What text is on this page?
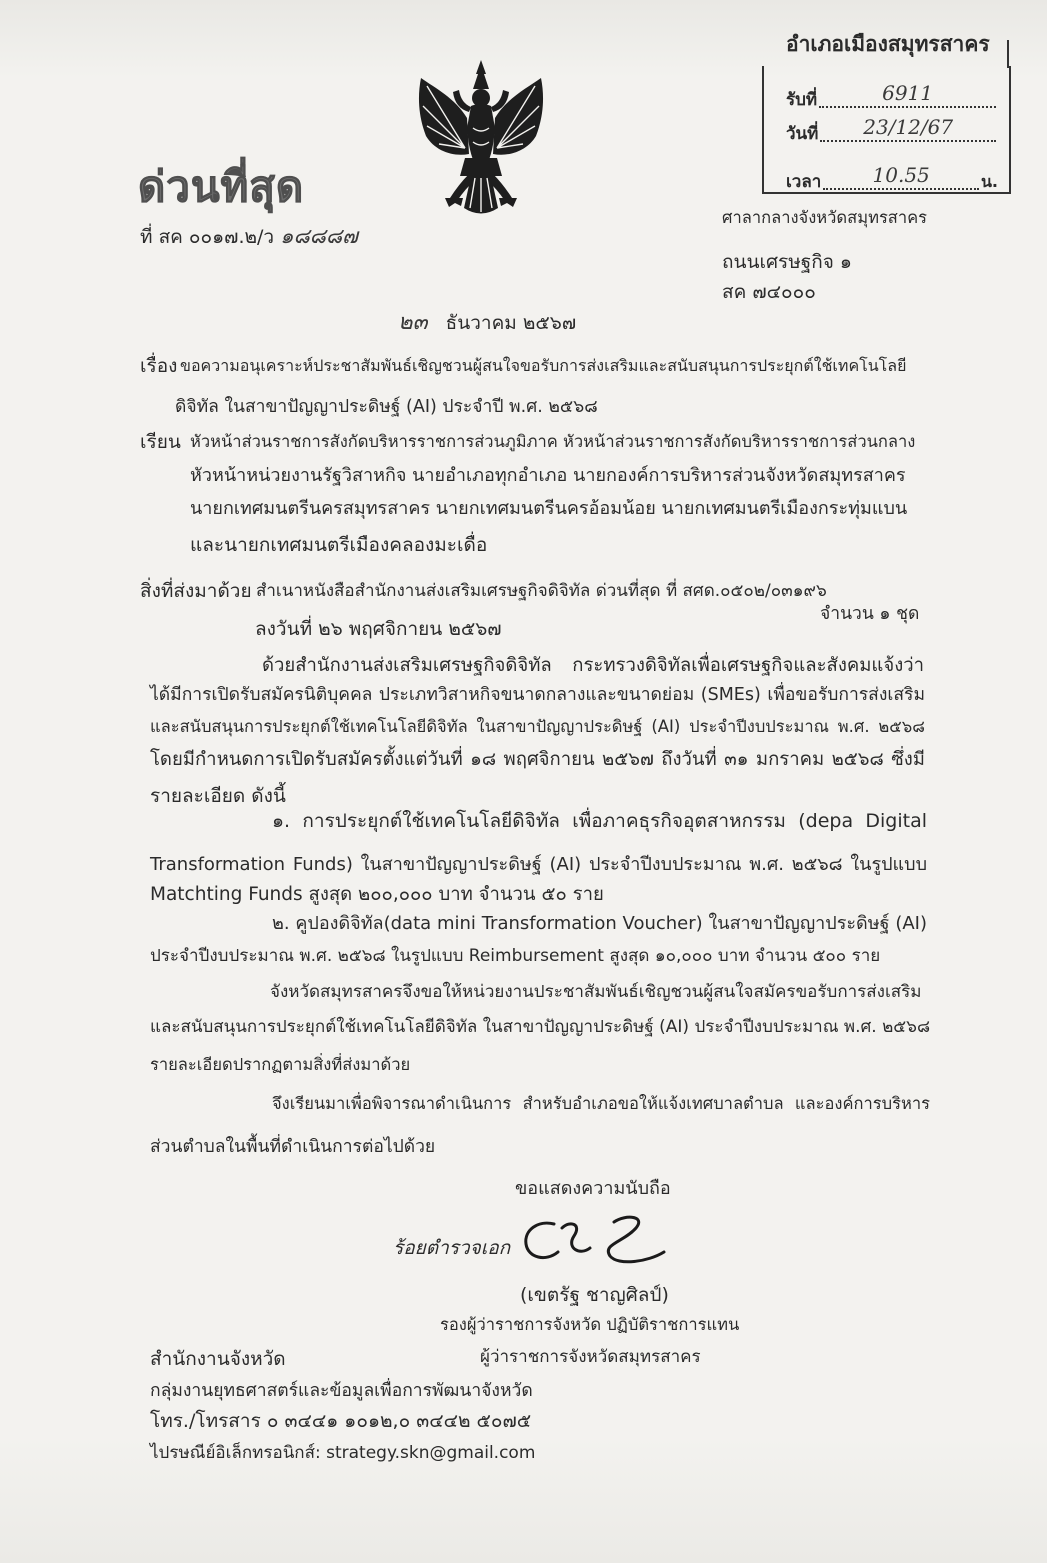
อำเภอเมืองสมุทรสาคร
รับที่	6911
วันที่	23/12/67
เวลา	10.55	น.
ด่วนที่สุด
ที่ สค ๐๐๑๗.๒/ว ๑๘๘๘๗
ศาลากลางจังหวัดสมุทรสาคร
ถนนเศรษฐกิจ ๑
สค ๗๔๐๐๐
๒๓ ธันวาคม ๒๕๖๗
เรื่อง ขอความอนุเคราะห์ประชาสัมพันธ์เชิญชวนผู้สนใจขอรับการส่งเสริมและสนับสนุนการประยุกต์ใช้เทคโนโลยี
ดิจิทัล ในสาขาปัญญาประดิษฐ์ (AI) ประจำปี พ.ศ. ๒๕๖๘
เรียน หัวหน้าส่วนราชการสังกัดบริหารราชการส่วนภูมิภาค หัวหน้าส่วนราชการสังกัดบริหารราชการส่วนกลาง
หัวหน้าหน่วยงานรัฐวิสาหกิจ นายอำเภอทุกอำเภอ นายกองค์การบริหารส่วนจังหวัดสมุทรสาคร
นายกเทศมนตรีนครสมุทรสาคร นายกเทศมนตรีนครอ้อมน้อย นายกเทศมนตรีเมืองกระทุ่มแบน
และนายกเทศมนตรีเมืองคลองมะเดื่อ
สิ่งที่ส่งมาด้วย สำเนาหนังสือสำนักงานส่งเสริมเศรษฐกิจดิจิทัล ด่วนที่สุด ที่ สศด.๐๕๐๒/๐๓๑๙๖
จำนวน ๑ ชุด
ลงวันที่ ๒๖ พฤศจิกายน ๒๕๖๗
ด้วยสำนักงานส่งเสริมเศรษฐกิจดิจิทัล กระทรวงดิจิทัลเพื่อเศรษฐกิจและสังคมแจ้งว่า
ได้มีการเปิดรับสมัครนิติบุคคล ประเภทวิสาหกิจขนาดกลางและขนาดย่อม (SMEs) เพื่อขอรับการส่งเสริม
และสนับสนุนการประยุกต์ใช้เทคโนโลยีดิจิทัล ในสาขาปัญญาประดิษฐ์ (AI) ประจำปีงบประมาณ พ.ศ. ๒๕๖๘
โดยมีกำหนดการเปิดรับสมัครตั้งแต่วันที่ ๑๘ พฤศจิกายน ๒๕๖๗ ถึงวันที่ ๓๑ มกราคม ๒๕๖๘ ซึ่งมี
รายละเอียด ดังนี้
๑. การประยุกต์ใช้เทคโนโลยีดิจิทัล เพื่อภาคธุรกิจอุตสาหกรรม (depa Digital
Transformation Funds) ในสาขาปัญญาประดิษฐ์ (AI) ประจำปีงบประมาณ พ.ศ. ๒๕๖๘ ในรูปแบบ
Matchting Funds สูงสุด ๒๐๐,๐๐๐ บาท จำนวน ๕๐ ราย
๒. คูปองดิจิทัล(data mini Transformation Voucher) ในสาขาปัญญาประดิษฐ์ (AI)
ประจำปีงบประมาณ พ.ศ. ๒๕๖๘ ในรูปแบบ Reimbursement สูงสุด ๑๐,๐๐๐ บาท จำนวน ๕๐๐ ราย
จังหวัดสมุทรสาครจึงขอให้หน่วยงานประชาสัมพันธ์เชิญชวนผู้สนใจสมัครขอรับการส่งเสริม
และสนับสนุนการประยุกต์ใช้เทคโนโลยีดิจิทัล ในสาขาปัญญาประดิษฐ์ (AI) ประจำปีงบประมาณ พ.ศ. ๒๕๖๘
รายละเอียดปรากฏตามสิ่งที่ส่งมาด้วย
จึงเรียนมาเพื่อพิจารณาดำเนินการ สำหรับอำเภอขอให้แจ้งเทศบาลตำบล และองค์การบริหาร
ส่วนตำบลในพื้นที่ดำเนินการต่อไปด้วย
ขอแสดงความนับถือ
ร้อยตำรวจเอก
(เขตรัฐ ชาญศิลป์)
รองผู้ว่าราชการจังหวัด ปฏิบัติราชการแทน
ผู้ว่าราชการจังหวัดสมุทรสาคร
สำนักงานจังหวัด
กลุ่มงานยุทธศาสตร์และข้อมูลเพื่อการพัฒนาจังหวัด
โทร./โทรสาร ๐ ๓๔๔๑ ๑๐๑๒,๐ ๓๔๔๒ ๕๐๗๕
ไปรษณีย์อิเล็กทรอนิกส์: strategy.skn@gmail.com
